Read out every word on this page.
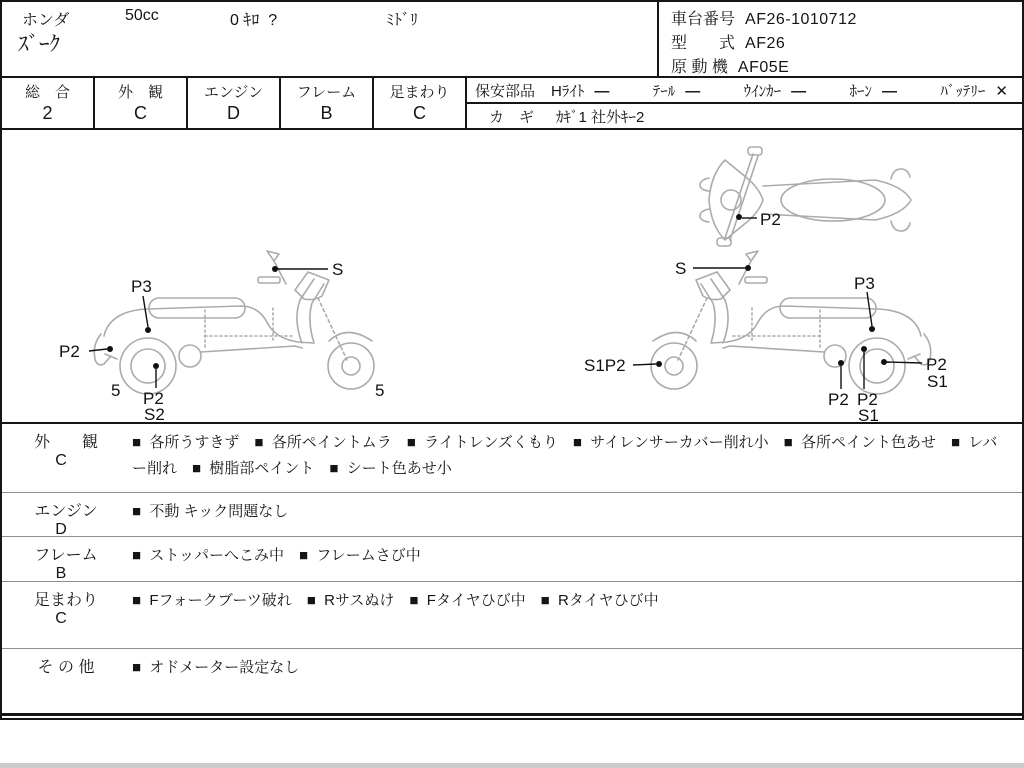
ホンダ	50cc	0 ｷﾛ  ?	ﾐﾄﾞﾘ
ｽﾞｰｸ
車台番号 AF26-1010712
型　　式 AF26
原 動 機 AF05E
総　合
2
外　観
C
エンジン
D
フレーム
B
足まわり
C
保安部品 Hﾗｲﾄ —	ﾃｰﾙ —	ｳｲﾝｶｰ —	ﾎｰﾝ —	ﾊﾞｯﾃﾘｰ ✕
カ　ギ ｶｷﾞ1 社外ｷｰ2
P3
S
P2
5 P2
S2
5
S
P3
S1P2	P2
S1
P2 P2
S1
P2
外　　観
C
■  各所うすきず　■  各所ペイントムラ　■  ライトレンズくもり　■  サイレンサーカバー削れ小　■  各所ペイント色あせ　■  レバー削れ　■  樹脂部ペイント　■  シート色あせ小
エンジン
D
■  不動 キック問題なし
フレーム
B
■  ストッパーへこみ中　■  フレームさび中
足まわり
C
■  Fフォークブーツ破れ　■  Rサスぬけ　■  Fタイヤひび中　■  Rタイヤひび中
そ の 他	■  オドメーター設定なし
